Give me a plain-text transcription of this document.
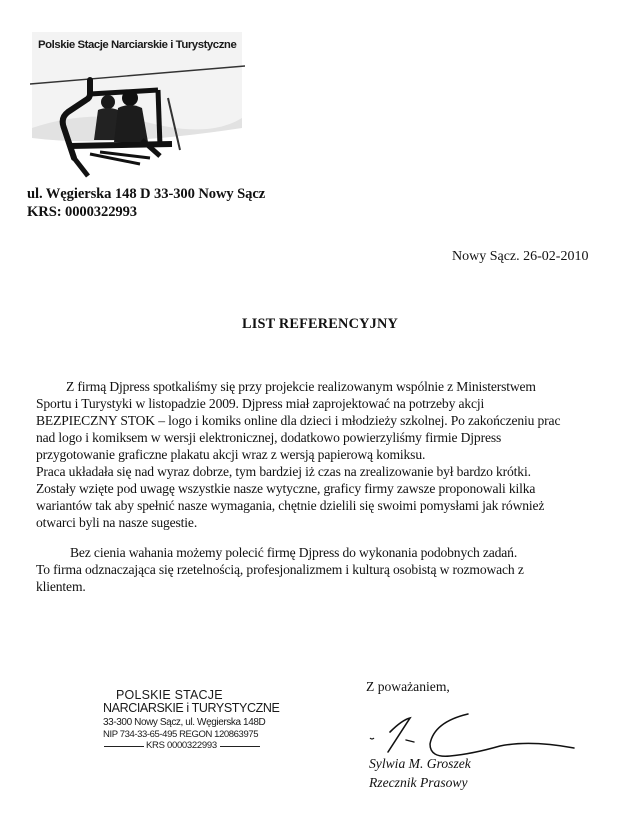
Polskie Stacje Narciarskie i Turystyczne
ul. Węgierska 148 D 33-300 Nowy Sącz
KRS: 0000322993
Nowy Sącz. 26-02-2010
LIST REFERENCYJNY
Z firmą Djpress spotkaliśmy się przy projekcie realizowanym wspólnie z Ministerstwem
Sportu i Turystyki w listopadzie 2009. Djpress miał zaprojektować na potrzeby akcji
BEZPIECZNY STOK – logo i komiks online dla dzieci i młodzieży szkolnej. Po zakończeniu prac
nad logo i komiksem w wersji elektronicznej, dodatkowo powierzyliśmy firmie Djpress
przygotowanie graficzne plakatu akcji wraz z wersją papierową komiksu.
Praca układała się nad wyraz dobrze, tym bardziej iż czas na zrealizowanie był bardzo krótki.
Zostały wzięte pod uwagę wszystkie nasze wytyczne, graficy firmy zawsze proponowali kilka
wariantów tak aby spełnić nasze wymagania, chętnie dzielili się swoimi pomysłami jak również
otwarci byli na nasze sugestie.
Bez cienia wahania możemy polecić firmę Djpress do wykonania podobnych zadań.
To firma odznaczająca się rzetelnością, profesjonalizmem i kulturą osobistą w rozmowach z
klientem.
POLSKIE STACJE
NARCIARSKIE i TURYSTYCZNE
33-300 Nowy Sącz, ul. Węgierska 148D
NIP 734-33-65-495 REGON 120863975
KRS 0000322993
Z poważaniem,
Sylwia M. Groszek
Rzecznik Prasowy
